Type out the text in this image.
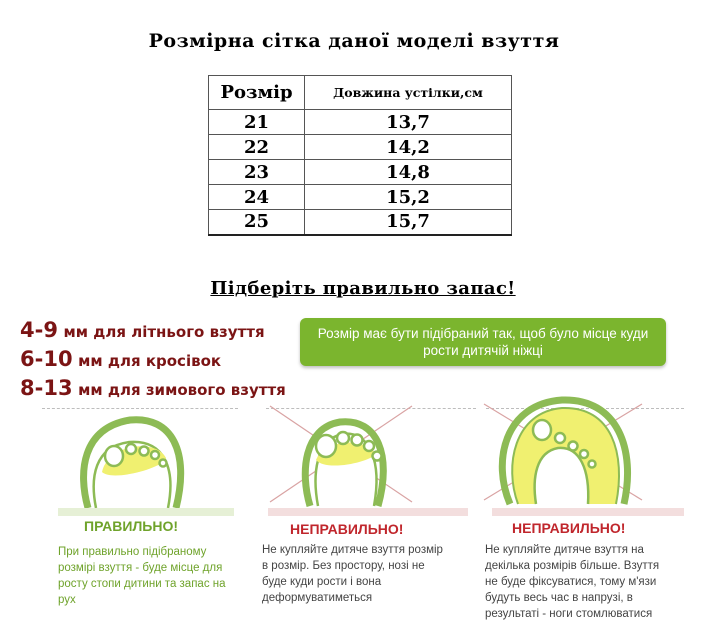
Розмірна сітка даної моделі взуття
Розмір	Довжина устілки,см
21	13,7
22	14,2
23	14,8
24	15,2
25	15,7
Підберіть правильно запас!
4-9 мм для літнього взуття
6-10 мм для кросівок
8-13 мм для зимового взуття
Розмір має бути підібраний так, щоб було місце куди рости дитячій ніжці
ПРАВИЛЬНО!
При правильно підібраному
розмірі взуття - буде місце для
росту стопи дитини та запас на
рух
НЕПРАВИЛЬНО!
Не купляйте дитяче взуття розмір
в розмір. Без простору, нозі не
буде куди рости і вона
деформуватиметься
НЕПРАВИЛЬНО!
Не купляйте дитяче взуття на
декілька розмірів більше. Взуття
не буде фіксуватися, тому м'язи
будуть весь час в напрузі, в
результаті - ноги стомлюватися
